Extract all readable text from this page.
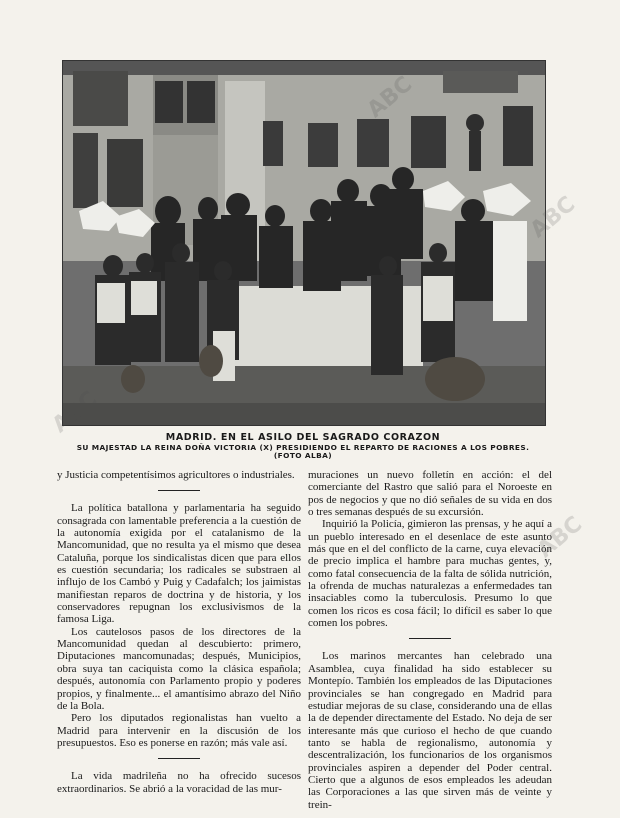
MADRID. EN EL ASILO DEL SAGRADO CORAZON
SU MAJESTAD LA REINA DOÑA VICTORIA (X) PRESIDIENDO EL REPARTO DE RACIONES A LOS POBRES.
(FOTO ALBA)

y Justicia competentísimos agricultores o industriales.

La política batallona y parlamentaria ha seguido consagrada con lamentable preferencia a la cuestión de la autonomía exigida por el catalanismo de la Mancomunidad, que no resulta ya el mismo que desea Cataluña, porque los sindicalistas dicen que para ellos es cuestión secundaria; los radicales se substraen al influjo de los Cambó y Puig y Cadafalch; los jaimistas manifiestan reparos de doctrina y de historia, y los conservadores repugnan los exclusivismos de la famosa Liga.

Los cautelosos pasos de los directores de la Mancomunidad quedan al descubierto: primero, Diputaciones mancomunadas; después, Municipios, obra suya tan caciquista como la clásica española; después, autonomía con Parlamento propio y poderes propios, y finalmente... el amantísimo abrazo del Niño de la Bola.

Pero los diputados regionalistas han vuelto a Madrid para intervenir en la discusión de los presupuestos. Eso es ponerse en razón; más vale así.

La vida madrileña no ha ofrecido sucesos extraordinarios. Se abrió a la voracidad de las mur-

muraciones un nuevo folletín en acción: el del comerciante del Rastro que salió para el Noroeste en pos de negocios y que no dió señales de su vida en dos o tres semanas después de su excursión.

Inquirió la Policía, gimieron las prensas, y he aquí a un pueblo interesado en el desenlace de este asunto más que en el del conflicto de la carne, cuya elevación de precio implica el hambre para muchas gentes, y, como fatal consecuencia de la falta de sólida nutrición, la ofrenda de muchas naturalezas a enfermedades tan insaciables como la tuberculosis. Presumo lo que comen los ricos es cosa fácil; lo difícil es saber lo que comen los pobres.

Los marinos mercantes han celebrado una Asamblea, cuya finalidad ha sido establecer su Montepío. También los empleados de las Diputaciones provinciales se han congregado en Madrid para estudiar mejoras de su clase, considerando una de ellas la de depender directamente del Estado. No deja de ser interesante más que curioso el hecho de que cuando tanto se habla de regionalismo, autonomía y descentralización, los funcionarios de los organismos provinciales aspiren a depender del Poder central. Cierto que a algunos de esos empleados les adeudan las Corporaciones a las que sirven más de veinte y trein-

ABC
ABC
